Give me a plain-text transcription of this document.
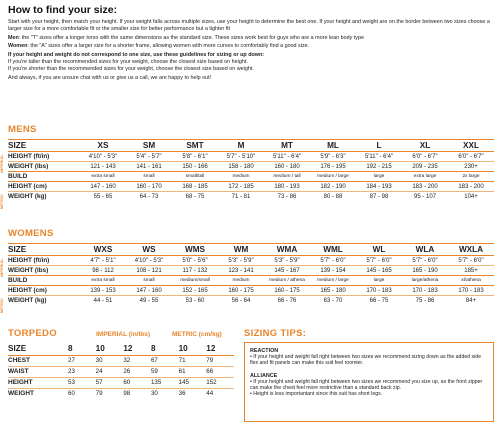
How to find your size:

Start with your height, then match your height. If your weight falls across multiple sizes, use your height to determine the best one. If your height and weight are on the border between two sizes choose a larger size for a more comfortable fit or the smaller size for better performance but a tighter fit

Men: the "T" sizes offer a longer torso with the same dimensions as the standard size. These sizes work best for guys who are a more lean body type

Women: the "A" sizes offer a larger size for a shorter frame, allowing women with more curves to comfortably find a good size.

If your height and weight do not correspond to one size, use these guidelines for sizing or up down:
If you're taller than the recommended sizes for your weight, choose the closest size based on height.
If you're shorter than the recommended sizes for your weight, choose the closest size based on weight.

And always, if you are unsure chat with us or give us a call, we are happy to help out!

MENS
IMPERIAL
METRIC
SIZE	XS	SM	SMT	M	MT	ML	L	XL	XXL
HEIGHT (ft/in)	4'10" - 5'3"	5'4" - 5'7"	5'8" - 6'1"	5'7" - 5'10"	5'11" - 6'4"	5'9" - 6'3"	5'11" - 6'4"	6'0" - 6'7"	6'0" - 6'7"
WEIGHT (lbs)	121 - 143	141 - 161	150 - 166	158 - 180	160 - 180	176 - 195	192 - 215	209 - 235	230+
BUILD	extra small	small	small/tall	medium	medium / tall	medium / large	large	extra large	2x large
HEIGHT (cm)	147 - 160	160 - 170	168 - 185	172 - 185	180 - 193	182 - 190	184 - 193	183 - 200	183 - 200
WEIGHT (kg)	55 - 65	64 - 73	68 - 75	71 - 81	73 - 86	80 - 88	87 - 98	95 - 107	104+
WOMENS
IMPERIAL
METRIC
SIZE	WXS	WS	WMS	WM	WMA	WML	WL	WLA	WXLA
HEIGHT (ft/in)	4'7" - 5'1"	4'10" - 5'3"	5'0" - 5'6"	5'3" - 5'9"	5'3" - 5'9"	5'7" - 6'0"	5'7" - 6'0"	5'7" - 6'0"	5'7" - 6'0"
WEIGHT (lbs)	98 - 112	108 - 121	117 - 132	123 - 141	145 - 167	139 - 154	145 - 165	165 - 190	185+
BUILD	extra small	small	medium/small	medium	medium / athena	medium / large	large	large/athena	xl/athena
HEIGHT (cm)	139 - 153	147 - 160	152 - 165	160 - 175	160 - 175	165 - 180	170 - 183	170 - 183	170 - 183
WEIGHT (kg)	44 - 51	49 - 55	53 - 60	56 - 64	66 - 76	63 - 70	66 - 75	75 - 86	84+
TORPEDO	IMPERIAL (in/lbs)	METRIC (cm/kg)
SIZE	8	10	12	8	10	12
CHEST	27	30	32	67	71	79
WAIST	23	24	26	59	61	66
HEIGHT	53	57	60	135	145	152
WEIGHT	60	79	98	30	36	44
SIZING TIPS:
REACTION
• If your height and weight fall right between two sizes we recommend sizing down as the added side flex and fit panels can make this suit feel roomier.
ALLIANCE
• If your height and weight fall right between two sizes we recommend you size up, as the front zipper can make the chest feel more restrictive than a standard back zip.
• Height is less importantant since this suit has short legs.
